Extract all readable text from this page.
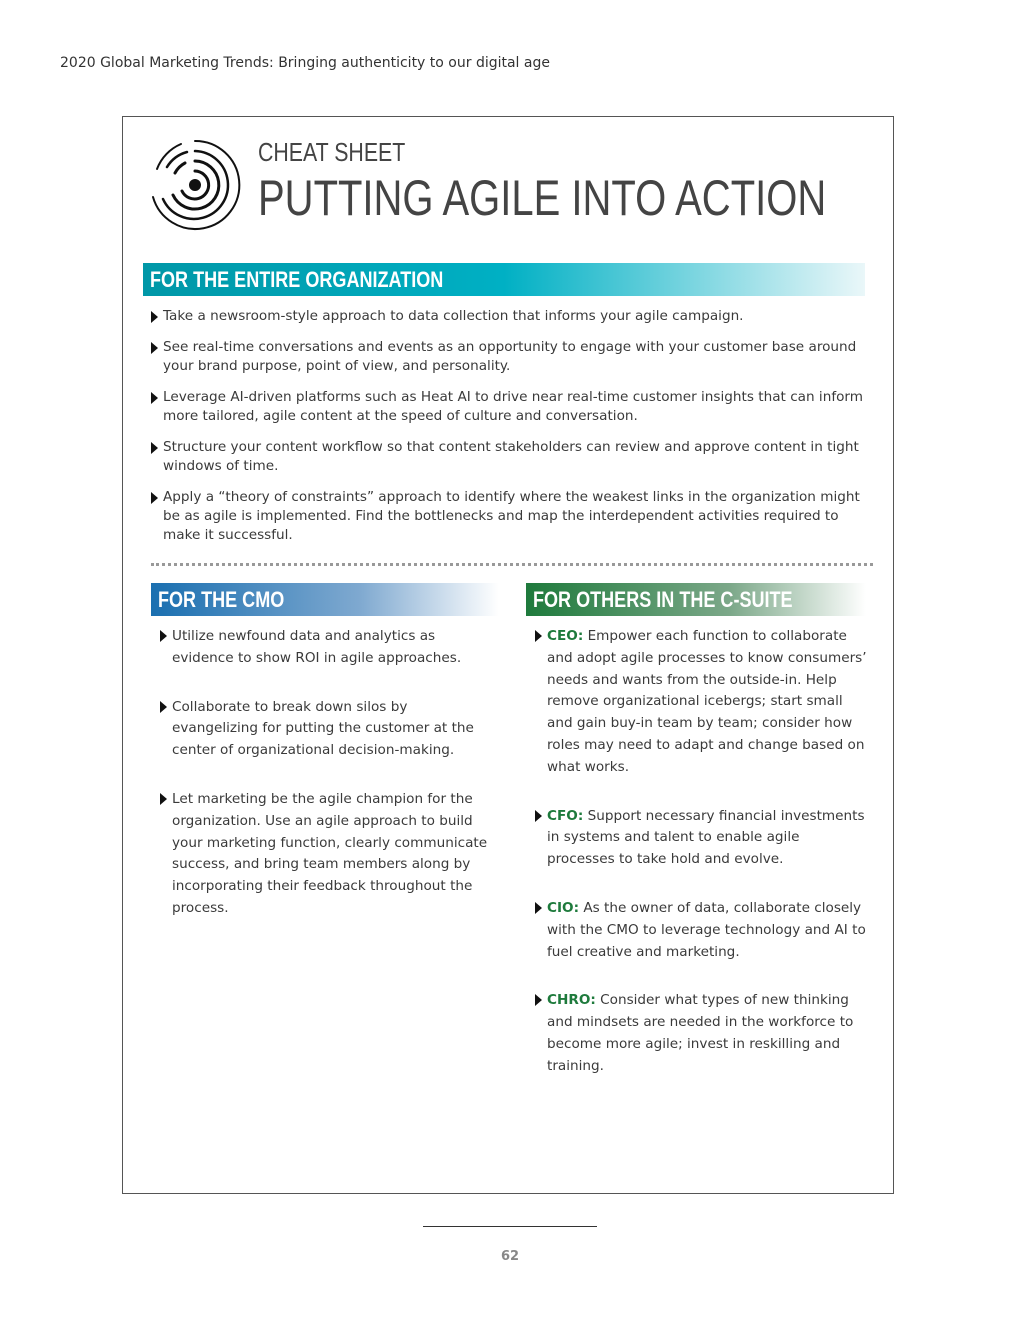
2020 Global Marketing Trends: Bringing authenticity to our digital age
CHEAT SHEET
PUTTING AGILE INTO ACTION
FOR THE ENTIRE ORGANIZATION
Take a newsroom-style approach to data collection that informs your agile campaign.
See real-time conversations and events as an opportunity to engage with your customer base around your brand purpose, point of view, and personality.
Leverage AI-driven platforms such as Heat AI to drive near real-time customer insights that can inform more tailored, agile content at the speed of culture and conversation.
Structure your content workflow so that content stakeholders can review and approve content in tight windows of time.
Apply a “theory of constraints” approach to identify where the weakest links in the organization might be as agile is implemented. Find the bottlenecks and map the interdependent activities required to make it successful.
FOR THE CMO	FOR OTHERS IN THE C-SUITE
Utilize newfound data and analytics as evidence to show ROI in agile approaches.
Collaborate to break down silos by evangelizing for putting the customer at the center of organizational decision-making.
Let marketing be the agile champion for the organization. Use an agile approach to build your marketing function, clearly communicate success, and bring team members along by incorporating their feedback throughout the process.
CEO: Empower each function to collaborate and adopt agile processes to know consumers’ needs and wants from the outside-in. Help remove organizational icebergs; start small and gain buy-in team by team; consider how roles may need to adapt and change based on what works.
CFO: Support necessary financial investments in systems and talent to enable agile processes to take hold and evolve.
CIO: As the owner of data, collaborate closely with the CMO to leverage technology and AI to fuel creative and marketing.
CHRO: Consider what types of new thinking and mindsets are needed in the workforce to become more agile; invest in reskilling and training.
62
